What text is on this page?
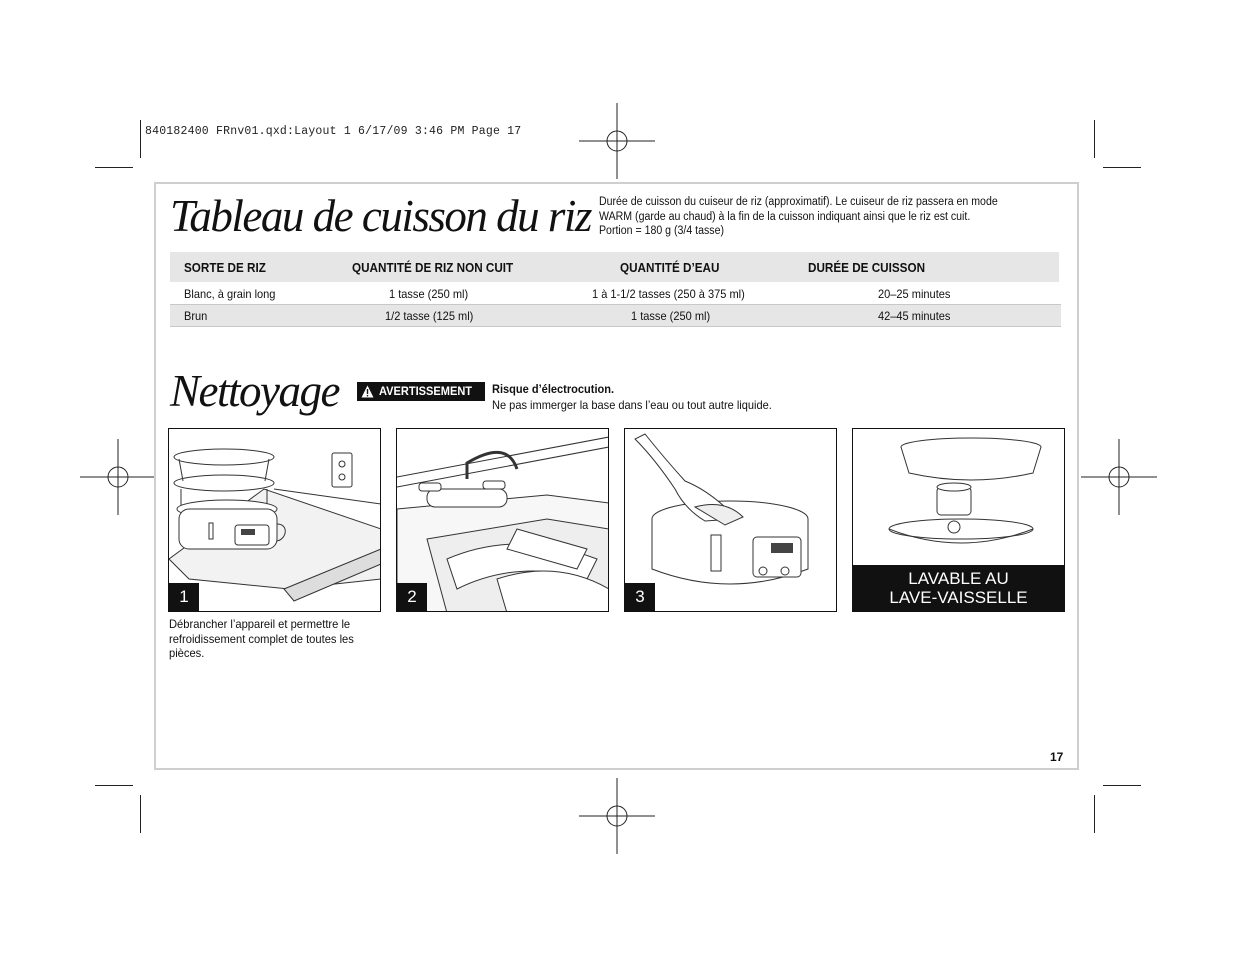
840182400 FRnv01.qxd:Layout 1 6/17/09 3:46 PM Page 17
Tableau de cuisson du riz Durée de cuisson du cuiseur de riz (approximatif). Le cuiseur de riz passera en mode
WARM (garde au chaud) à la fin de la cuisson indiquant ainsi que le riz est cuit.
Portion = 180 g (3/4 tasse)
SORTE DE RIZ	QUANTITÉ DE RIZ NON CUIT	QUANTITÉ D’EAU	DURÉE DE CUISSON
Blanc, à grain long	1 tasse (250 ml)	1 à 1-1/2 tasses (250 à 375 ml)	20–25 minutes
Brun	1/2 tasse (125 ml)	1 tasse (250 ml)	42–45 minutes
Nettoyage	AVERTISSEMENT Risque d’électrocution.
Ne pas immerger la base dans l’eau ou tout autre liquide.
1	2	3
LAVABLE AU
LAVE-VAISSELLE
Débrancher l’appareil et permettre le
refroidissement complet de toutes les
pièces.
17
